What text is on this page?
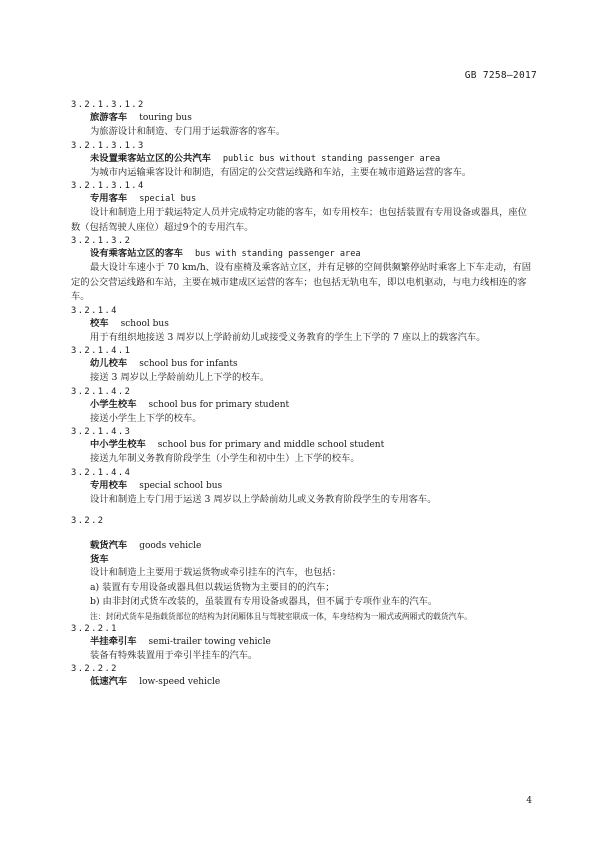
GB 7258—2017
3.2.1.3.1.2
旅游客车 touring bus
为旅游设计和制造、专门用于运载游客的客车。
3.2.1.3.1.3
未设置乘客站立区的公共汽车 public bus without standing passenger area
为城市内运输乘客设计和制造，有固定的公交营运线路和车站，主要在城市道路运营的客车。
3.2.1.3.1.4
专用客车 special bus
设计和制造上用于载运特定人员并完成特定功能的客车，如专用校车；也包括装置有专用设备或器具，座位数（包括驾驶人座位）超过9个的专用汽车。
3.2.1.3.2
设有乘客站立区的客车 bus with standing passenger area
最大设计车速小于 70 km/h、设有座椅及乘客站立区，并有足够的空间供频繁停站时乘客上下车走动，有固定的公交营运线路和车站，主要在城市建成区运营的客车；也包括无轨电车，即以电机驱动，与电力线相连的客车。
3.2.1.4
校车 school bus
用于有组织地接送 3 周岁以上学龄前幼儿或接受义务教育的学生上下学的 7 座以上的载客汽车。
3.2.1.4.1
幼儿校车 school bus for infants
接送 3 周岁以上学龄前幼儿上下学的校车。
3.2.1.4.2
小学生校车 school bus for primary student
接送小学生上下学的校车。
3.2.1.4.3
中小学生校车 school bus for primary and middle school student
接送九年制义务教育阶段学生（小学生和初中生）上下学的校车。
3.2.1.4.4
专用校车 special school bus
设计和制造上专门用于运送 3 周岁以上学龄前幼儿或义务教育阶段学生的专用客车。
3.2.2
载货汽车 goods vehicle
货车
设计和制造上主要用于载运货物或牵引挂车的汽车，也包括：
a) 装置有专用设备或器具但以载运货物为主要目的的汽车；
b) 由非封闭式货车改装的，虽装置有专用设备或器具，但不属于专项作业车的汽车。
注：封闭式货车是指载货部位的结构为封闭厢体且与驾驶室联成一体，车身结构为一厢式或两厢式的载货汽车。
3.2.2.1
半挂牵引车 semi-trailer towing vehicle
装备有特殊装置用于牵引半挂车的汽车。
3.2.2.2
低速汽车 low-speed vehicle
4
